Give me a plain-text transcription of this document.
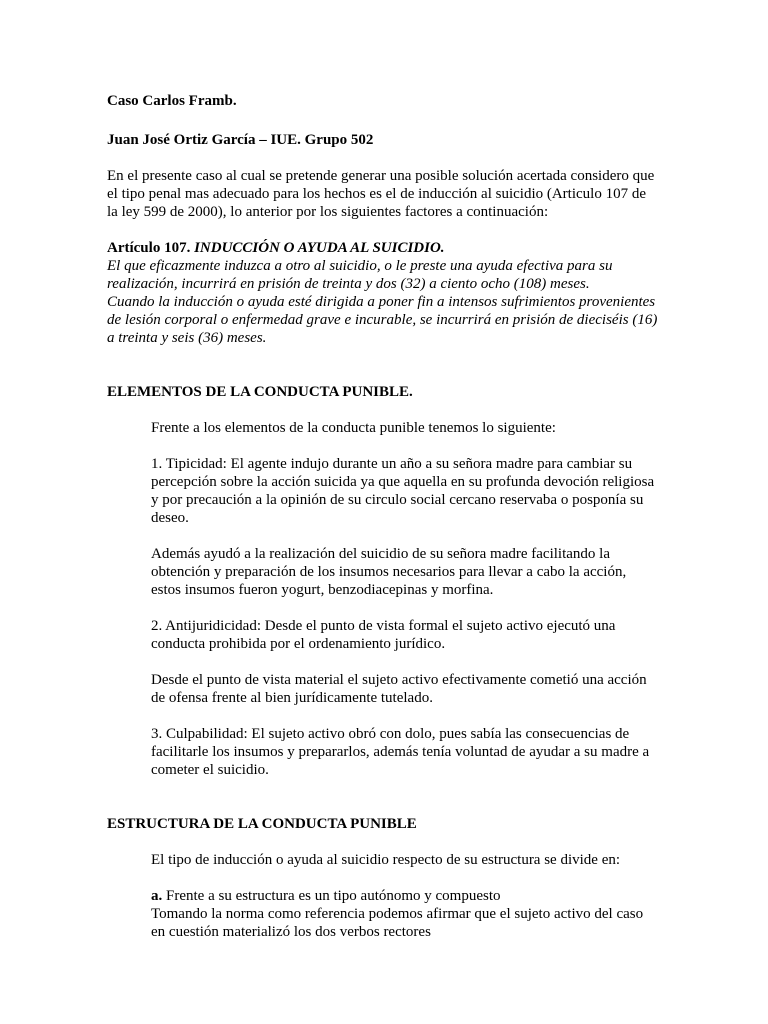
Caso Carlos Framb.

Juan José Ortiz García – IUE. Grupo 502

En el presente caso al cual se pretende generar una posible solución acertada considero que

el tipo penal mas adecuado para los hechos es el de inducción al suicidio (Articulo 107 de

la ley 599 de 2000), lo anterior por los siguientes factores a continuación:

Artículo 107. INDUCCIÓN O AYUDA AL SUICIDIO.

El que eficazmente induzca a otro al suicidio, o le preste una ayuda efectiva para su

realización, incurrirá en prisión de treinta y dos (32) a ciento ocho (108) meses.

Cuando la inducción o ayuda esté dirigida a poner fin a intensos sufrimientos provenientes

de lesión corporal o enfermedad grave e incurable, se incurrirá en prisión de dieciséis (16)

a treinta y seis (36) meses.

ELEMENTOS DE LA CONDUCTA PUNIBLE.

Frente a los elementos de la conducta punible tenemos lo siguiente:

1. Tipicidad: El agente indujo durante un año a su señora madre para cambiar su

percepción sobre la acción suicida ya que aquella en su profunda devoción religiosa

y por precaución a la opinión de su circulo social cercano reservaba o posponía su

deseo.

Además ayudó a la realización del suicidio de su señora madre facilitando la

obtención y preparación de los insumos necesarios para llevar a cabo la acción,

estos insumos fueron yogurt, benzodiacepinas y morfina.

2. Antijuridicidad: Desde el punto de vista formal el sujeto activo ejecutó una

conducta prohibida por el ordenamiento jurídico.

Desde el punto de vista material el sujeto activo efectivamente cometió una acción

de ofensa frente al bien jurídicamente tutelado.

3. Culpabilidad: El sujeto activo obró con dolo, pues sabía las consecuencias de

facilitarle los insumos y prepararlos, además tenía voluntad de ayudar a su madre a

cometer el suicidio.

ESTRUCTURA DE LA CONDUCTA PUNIBLE

El tipo de inducción o ayuda al suicidio respecto de su estructura se divide en:

a. Frente a su estructura es un tipo autónomo y compuesto

Tomando la norma como referencia podemos afirmar que el sujeto activo del caso

en cuestión materializó los dos verbos rectores
